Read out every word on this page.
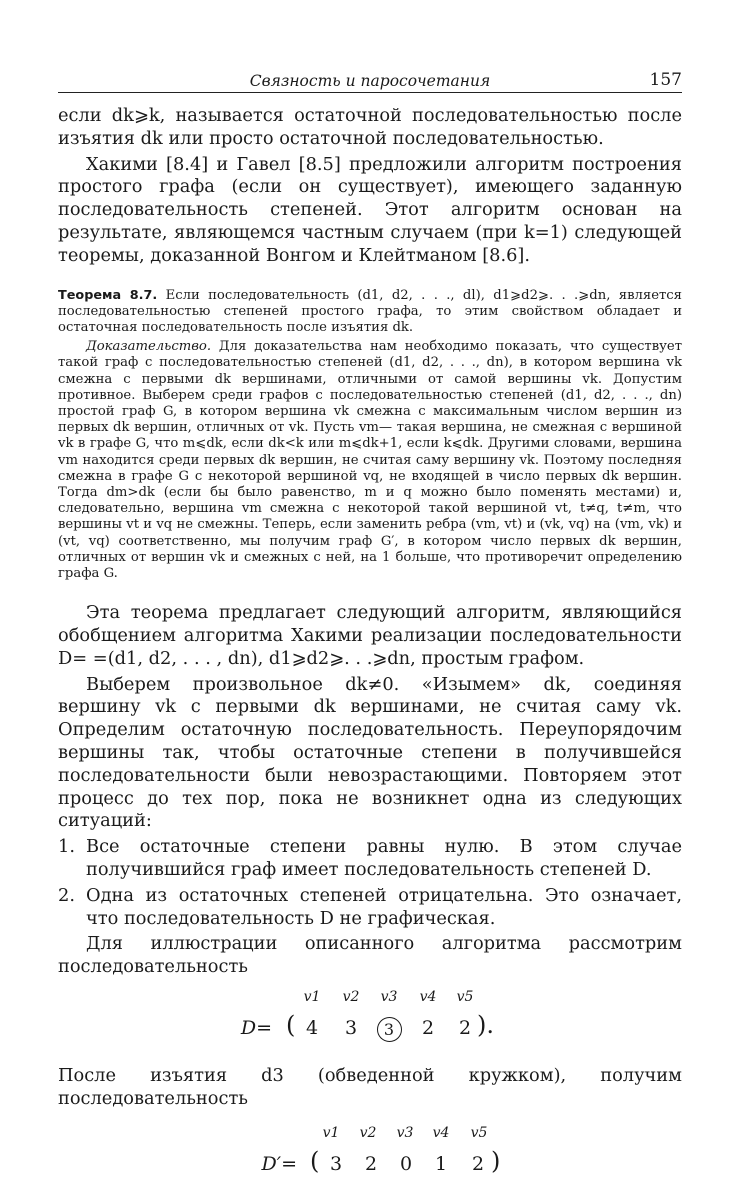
Связность и паросочетания	157

если dk⩾k, называется остаточной последовательностью после изъятия dk или просто остаточной последовательностью.

Хакими [8.4] и Гавел [8.5] предложили алгоритм построения простого графа (если он существует), имеющего заданную последовательность степеней. Этот алгоритм основан на результате, являющемся частным случаем (при k=1) следующей теоремы, доказанной Вонгом и Клейтманом [8.6].

Теорема 8.7. Если последовательность (d1, d2, . . ., dl), d1⩾d2⩾. . .⩾dn, является последовательностью степеней простого графа, то этим свойством обладает и остаточная последовательность после изъятия dk.

Доказательство. Для доказательства нам необходимо показать, что существует такой граф с последовательностью степеней (d1, d2, . . ., dn), в котором вершина vk смежна с первыми dk вершинами, отличными от самой вершины vk. Допустим противное. Выберем среди графов с последовательностью степеней (d1, d2, . . ., dn) простой граф G, в котором вершина vk смежна с максимальным числом вершин из первых dk вершин, отличных от vk. Пусть vm— такая вершина, не смежная с вершиной vk в графе G, что m⩽dk, если dk<k или m⩽dk+1, если k⩽dk. Другими словами, вершина vm находится среди первых dk вершин, не считая саму вершину vk. Поэтому последняя смежна в графе G с некоторой вершиной vq, не входящей в число первых dk вершин. Тогда dm>dk (если бы было равенство, m и q можно было поменять местами) и, следовательно, вершина vm смежна с некоторой такой вершиной vt, t≠q, t≠m, что вершины vt и vq не смежны. Теперь, если заменить ребра (vm, vt) и (vk, vq) на (vm, vk) и (vt, vq) соответственно, мы получим граф G′, в котором число первых dk вершин, отличных от вершин vk и смежных с ней, на 1 больше, что противоречит определению графа G.

Эта теорема предлагает следующий алгоритм, являющийся обобщением алгоритма Хакими реализации последовательности D= =(d1, d2, . . . , dn), d1⩾d2⩾. . .⩾dn, простым графом.

Выберем произвольное dk≠0. «Изымем» dk, соединяя вершину vk с первыми dk вершинами, не считая саму vk. Определим остаточную последовательность. Переупорядочим вершины так, чтобы остаточные степени в получившейся последовательности были невозрастающими. Повторяем этот процесс до тех пор, пока не возникнет одна из следующих ситуаций:

1. Все остаточные степени равны нулю. В этом случае получившийся граф имеет последовательность степеней D.

2. Одна из остаточных степеней отрицательна. Это означает, что последовательность D не графическая.

Для иллюстрации описанного алгоритма рассмотрим последовательность

v1	v2	v3	v4	v5
D= ( 4	3	3	2	2 ).

После изъятия d3 (обведенной кружком), получим последовательность

v1	v2	v3	v4	v5
D′= ( 3	2	0	1	2 )
